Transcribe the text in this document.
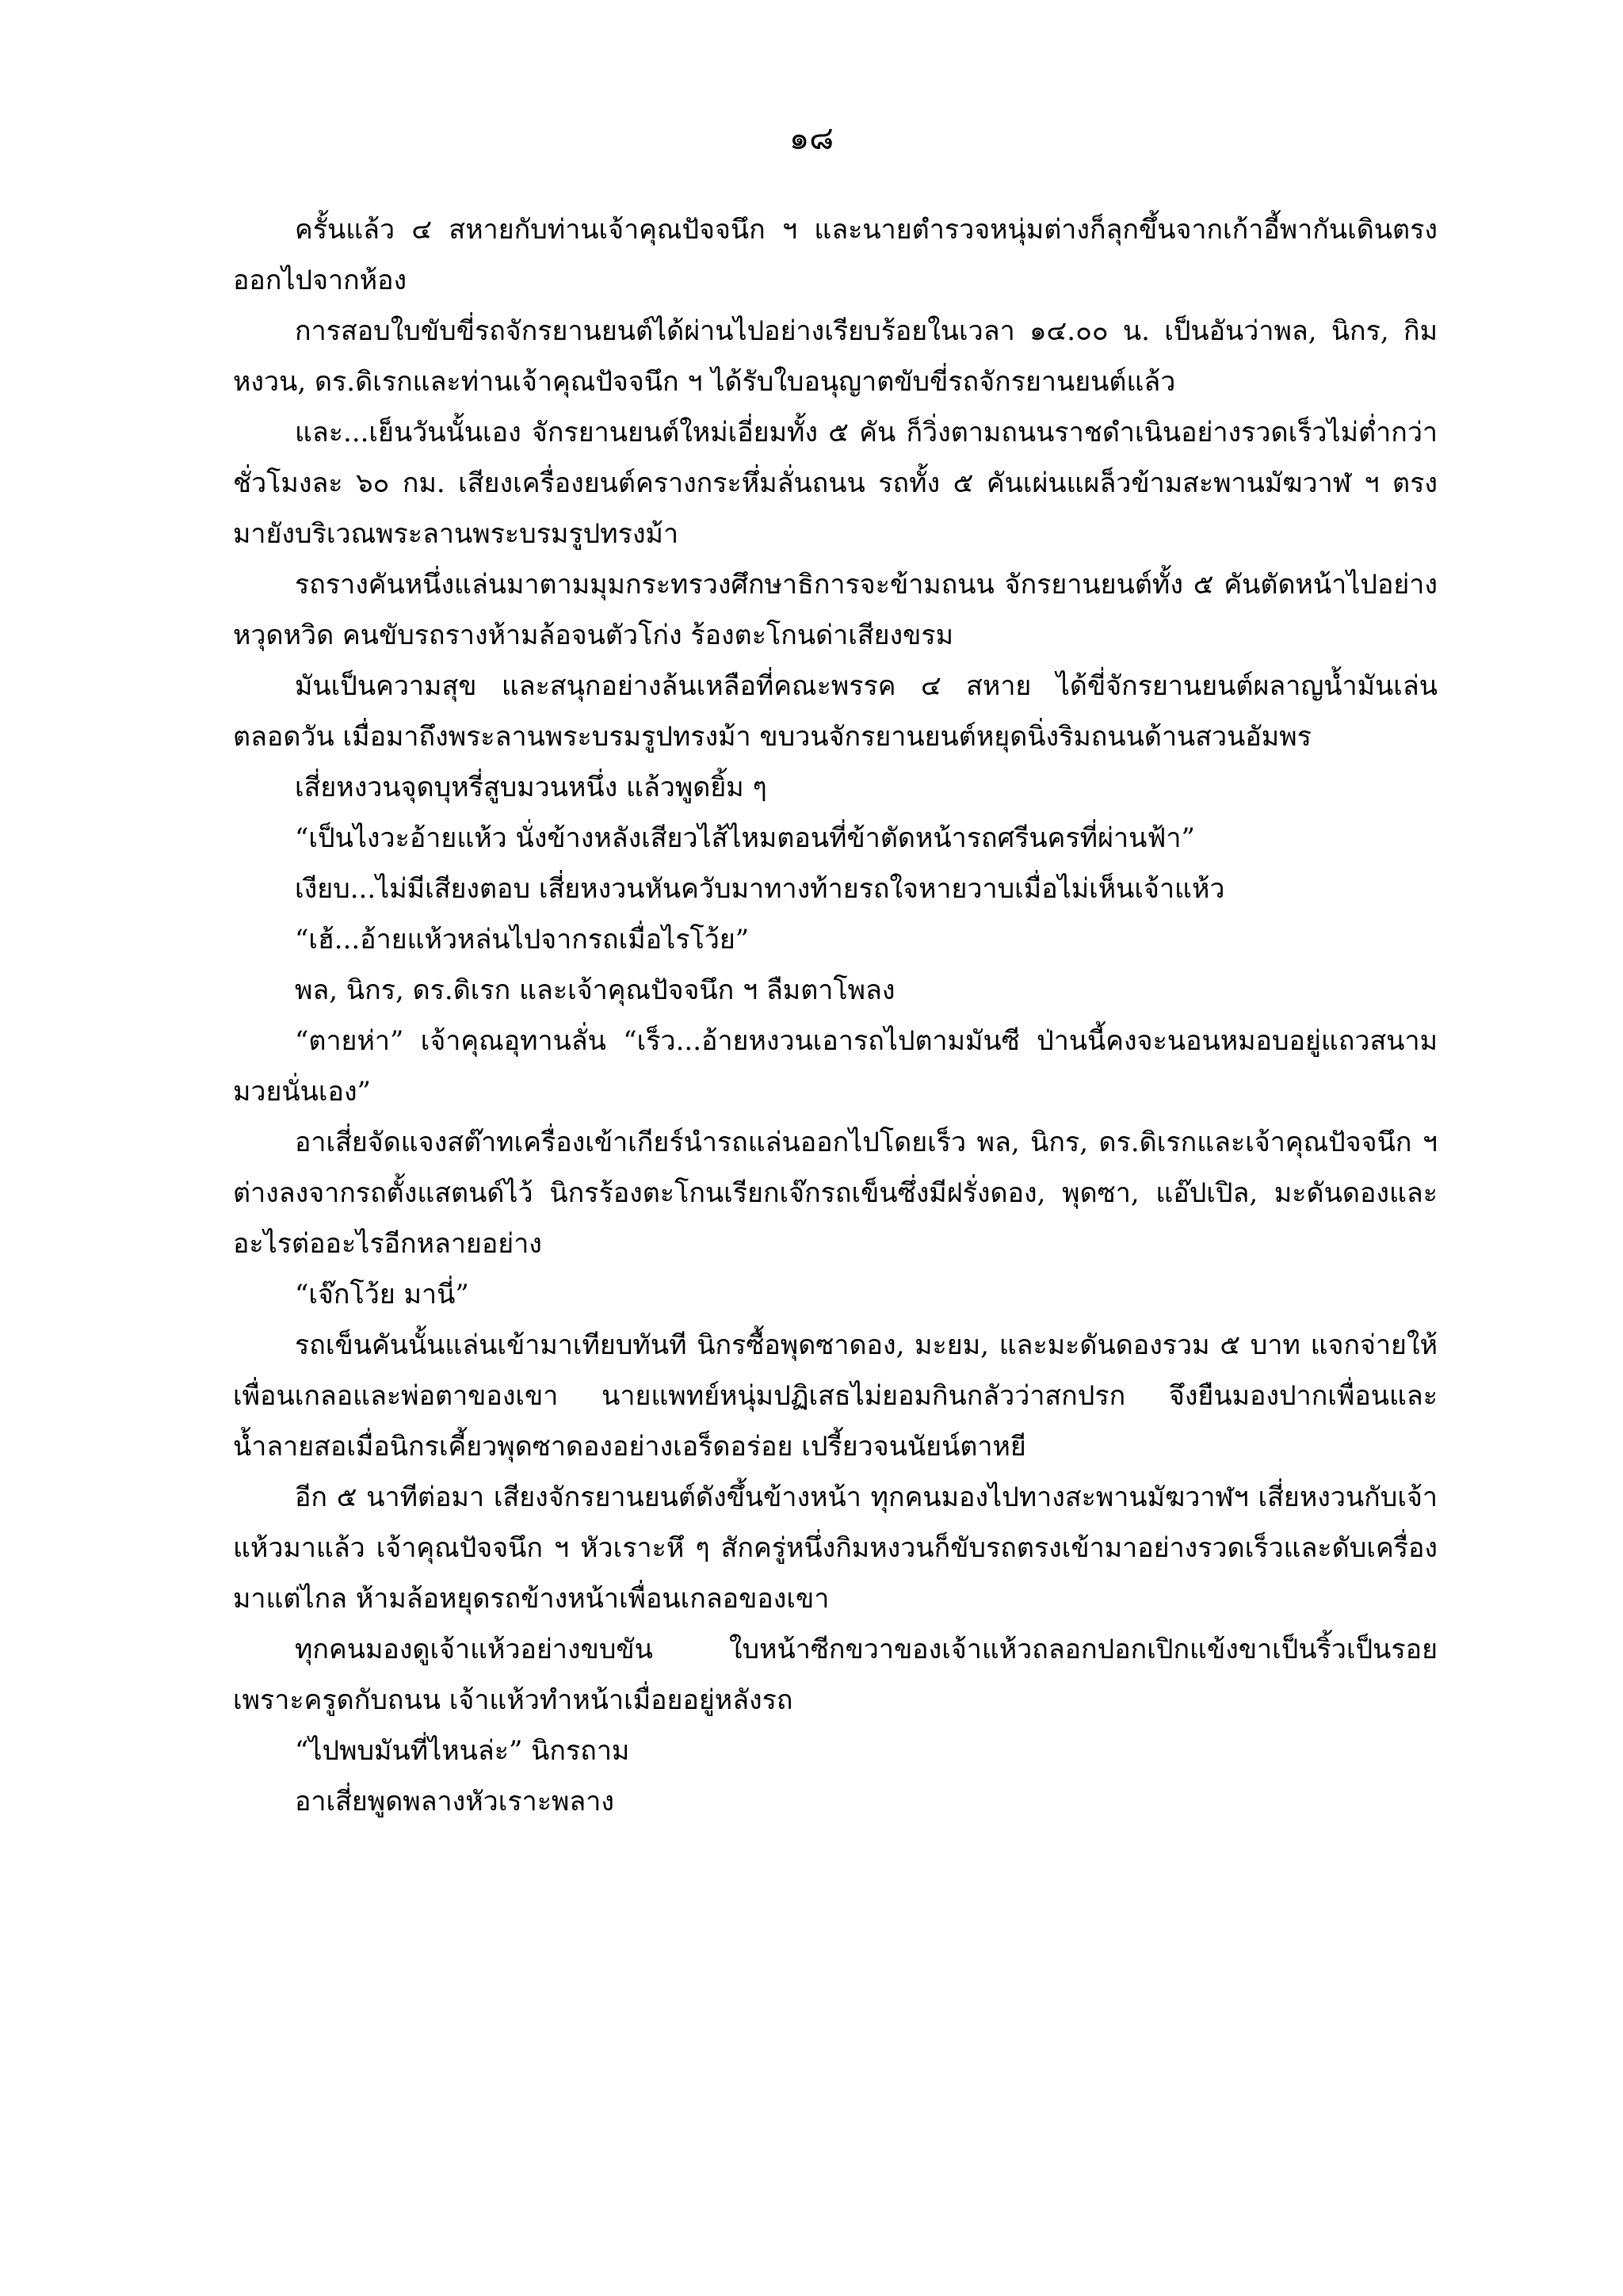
๑๘

ครั้นแล้ว ๔ สหายกับท่านเจ้าคุณปัจจนึก ฯ และนายตำรวจหนุ่มต่างก็ลุกขึ้นจากเก้าอี้พากันเดินตรงออกไปจากห้อง

การสอบใบขับขี่รถจักรยานยนต์ได้ผ่านไปอย่างเรียบร้อยในเวลา ๑๔.๐๐ น. เป็นอันว่าพล, นิกร, กิมหงวน, ดร.ดิเรกและท่านเจ้าคุณปัจจนึก ฯ ได้รับใบอนุญาตขับขี่รถจักรยานยนต์แล้ว

และ...เย็นวันนั้นเอง จักรยานยนต์ใหม่เอี่ยมทั้ง ๕ คัน ก็วิ่งตามถนนราชดำเนินอย่างรวดเร็วไม่ต่ำกว่าชั่วโมงละ ๖๐ กม. เสียงเครื่องยนต์ครางกระหึ่มลั่นถนน รถทั้ง ๕ คันเผ่นแผล็วข้ามสะพานมัฆวาฬ ฯ ตรงมายังบริเวณพระลานพระบรมรูปทรงม้า

รถรางคันหนึ่งแล่นมาตามมุมกระทรวงศึกษาธิการจะข้ามถนน จักรยานยนต์ทั้ง ๕ คันตัดหน้าไปอย่างหวุดหวิด คนขับรถรางห้ามล้อจนตัวโก่ง ร้องตะโกนด่าเสียงขรม

มันเป็นความสุข และสนุกอย่างล้นเหลือที่คณะพรรค ๔ สหาย ได้ขี่จักรยานยนต์ผลาญน้ำมันเล่นตลอดวัน เมื่อมาถึงพระลานพระบรมรูปทรงม้า ขบวนจักรยานยนต์หยุดนิ่งริมถนนด้านสวนอัมพร

เสี่ยหงวนจุดบุหรี่สูบมวนหนึ่ง แล้วพูดยิ้ม ๆ

“เป็นไงวะอ้ายแห้ว นั่งข้างหลังเสียวไส้ไหมตอนที่ข้าตัดหน้ารถศรีนครที่ผ่านฟ้า”

เงียบ...ไม่มีเสียงตอบ เสี่ยหงวนหันควับมาทางท้ายรถใจหายวาบเมื่อไม่เห็นเจ้าแห้ว

“เฮ้...อ้ายแห้วหล่นไปจากรถเมื่อไรโว้ย”

พล, นิกร, ดร.ดิเรก และเจ้าคุณปัจจนึก ฯ ลืมตาโพลง

“ตายห่า” เจ้าคุณอุทานลั่น “เร็ว...อ้ายหงวนเอารถไปตามมันซี ป่านนี้คงจะนอนหมอบอยู่แถวสนามมวยนั่นเอง”

อาเสี่ยจัดแจงสต๊าทเครื่องเข้าเกียร์นำรถแล่นออกไปโดยเร็ว พล, นิกร, ดร.ดิเรกและเจ้าคุณปัจจนึก ฯ ต่างลงจากรถตั้งแสตนด์ไว้ นิกรร้องตะโกนเรียกเจ๊กรถเข็นซึ่งมีฝรั่งดอง, พุดซา, แอ๊ปเปิล, มะดันดองและอะไรต่ออะไรอีกหลายอย่าง

“เจ๊กโว้ย มานี่”

รถเข็นคันนั้นแล่นเข้ามาเทียบทันที นิกรซื้อพุดซาดอง, มะยม, และมะดันดองรวม ๕ บาท แจกจ่ายให้เพื่อนเกลอและพ่อตาของเขา นายแพทย์หนุ่มปฏิเสธไม่ยอมกินกลัวว่าสกปรก จึงยืนมองปากเพื่อนและน้ำลายสอเมื่อนิกรเคี้ยวพุดซาดองอย่างเอร็ดอร่อย เปรี้ยวจนนัยน์ตาหยี

อีก ๕ นาทีต่อมา เสียงจักรยานยนต์ดังขึ้นข้างหน้า ทุกคนมองไปทางสะพานมัฆวาฬฯ เสี่ยหงวนกับเจ้าแห้วมาแล้ว เจ้าคุณปัจจนึก ฯ หัวเราะหึ ๆ สักครู่หนึ่งกิมหงวนก็ขับรถตรงเข้ามาอย่างรวดเร็วและดับเครื่องมาแต่ไกล ห้ามล้อหยุดรถข้างหน้าเพื่อนเกลอของเขา

ทุกคนมองดูเจ้าแห้วอย่างขบขัน ใบหน้าซีกขวาของเจ้าแห้วถลอกปอกเปิกแข้งขาเป็นริ้วเป็นรอยเพราะครูดกับถนน เจ้าแห้วทำหน้าเมื่อยอยู่หลังรถ

“ไปพบมันที่ไหนล่ะ” นิกรถาม

อาเสี่ยพูดพลางหัวเราะพลาง
